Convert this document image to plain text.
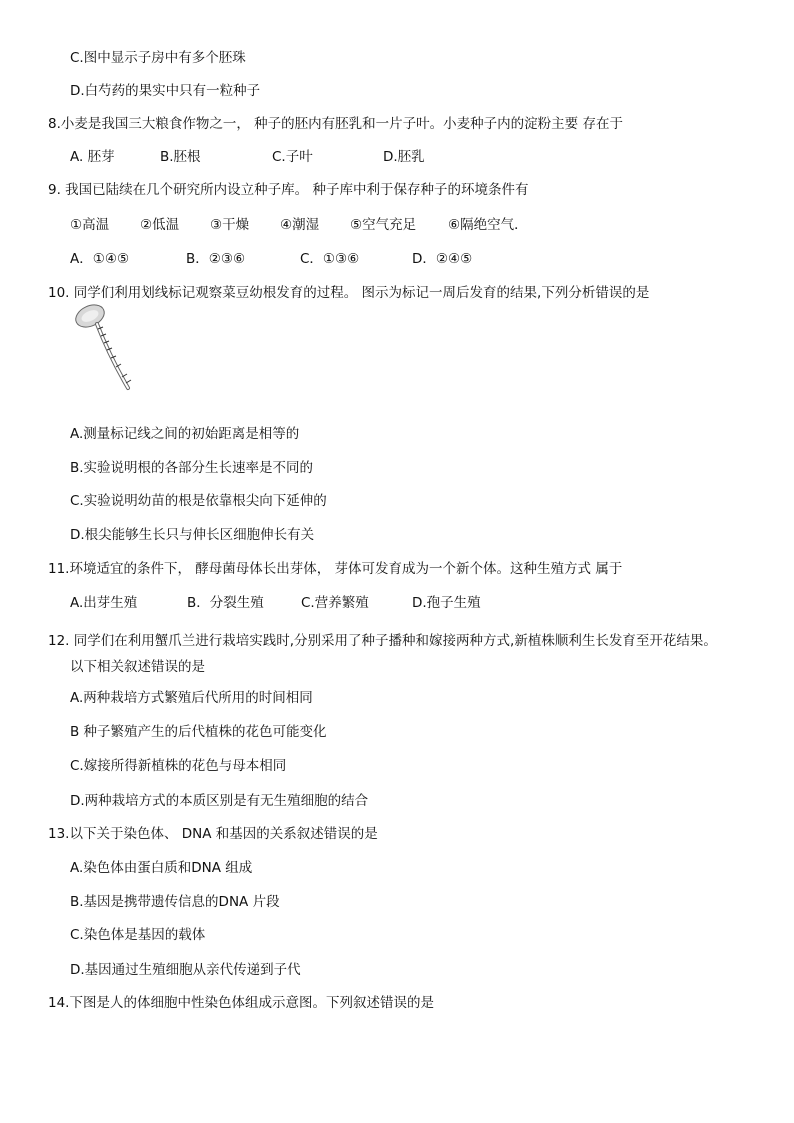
C.图中显示子房中有多个胚珠
D.白芍药的果实中只有一粒种子
8.小麦是我国三大粮食作物之一， 种子的胚内有胚乳和一片子叶。小麦种子内的淀粉主要 存在于
A. 胚芽	B.胚根	C.子叶	D.胚乳
9. 我国已陆续在几个研究所内设立种子库。 种子库中利于保存种子的环境条件有
①高温 ②低温 ③干燥 ④潮湿 ⑤空气充足 ⑥隔绝空气．
A．①④⑤	B．②③⑥	C．①③⑥	D．②④⑤
10. 同学们利用划线标记观察菜豆幼根发育的过程。 图示为标记一周后发育的结果,下列分析错误的是
A.测量标记线之间的初始距离是相等的
B.实验说明根的各部分生长速率是不同的
C.实验说明幼苗的根是依靠根尖向下延伸的
D.根尖能够生长只与伸长区细胞伸长有关
11.环境适宜的条件下， 酵母菌母体长出芽体， 芽体可发育成为一个新个体。这种生殖方式 属于
A.出芽生殖	B．分裂生殖	C.营养繁殖	D.孢子生殖
12. 同学们在利用蟹爪兰进行栽培实践时,分别采用了种子播种和嫁接两种方式,新植株顺利生长发育至开花结果。
以下相关叙述错误的是
A.两种栽培方式繁殖后代所用的时间相同
B 种子繁殖产生的后代植株的花色可能变化
C.嫁接所得新植株的花色与母本相同
D.两种栽培方式的本质区别是有无生殖细胞的结合
13.以下关于染色体、 DNA 和基因的关系叙述错误的是
A.染色体由蛋白质和DNA 组成
B.基因是携带遗传信息的DNA 片段
C.染色体是基因的载体
D.基因通过生殖细胞从亲代传递到子代
14.下图是人的体细胞中性染色体组成示意图。下列叙述错误的是
